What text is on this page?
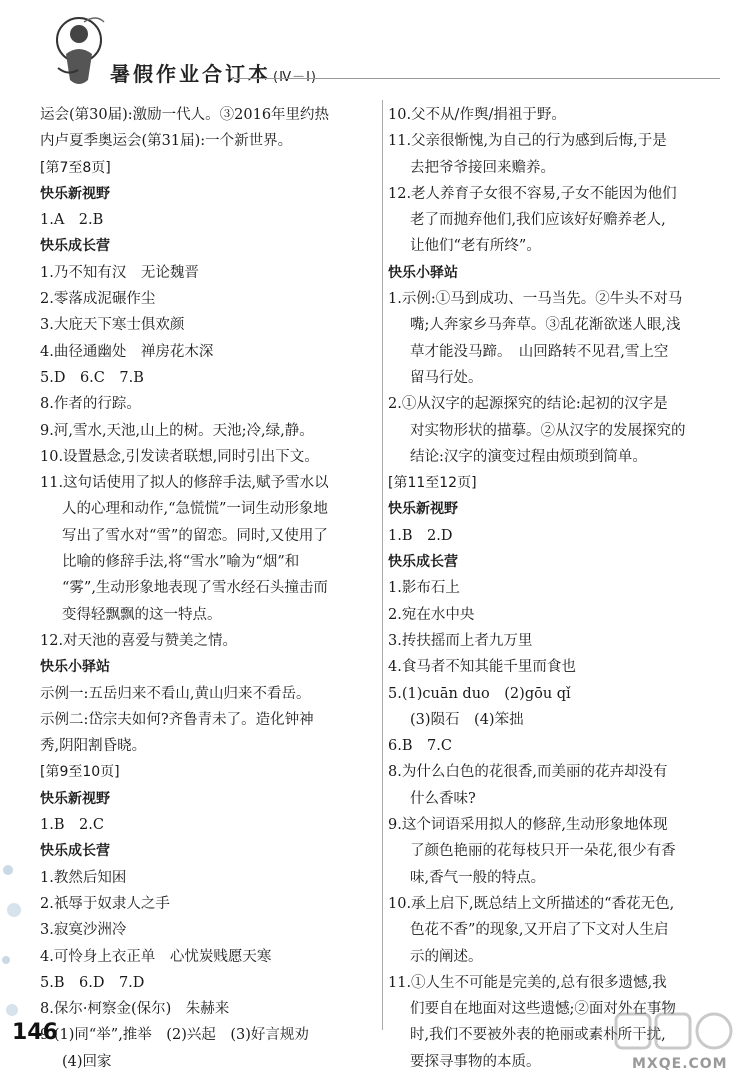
暑假作业合订本 (Ⅳ－Ⅰ)
运会(第30届):激励一代人。③2016年里约热
内卢夏季奥运会(第31届):一个新世界。
[第7至8页]
快乐新视野
1.A　2.B
快乐成长营
1.乃不知有汉　无论魏晋
2.零落成泥碾作尘
3.大庇天下寒士俱欢颜
4.曲径通幽处　禅房花木深
5.D　6.C　7.B
8.作者的行踪。
9.河,雪水,天池,山上的树。天池;冷,绿,静。
10.设置悬念,引发读者联想,同时引出下文。
11.这句话使用了拟人的修辞手法,赋予雪水以
人的心理和动作,“急慌慌”一词生动形象地
写出了雪水对“雪”的留恋。同时,又使用了
比喻的修辞手法,将“雪水”喻为“烟”和
“雾”,生动形象地表现了雪水经石头撞击而
变得轻飘飘的这一特点。
12.对天池的喜爱与赞美之情。
快乐小驿站
示例一:五岳归来不看山,黄山归来不看岳。
示例二:岱宗夫如何?齐鲁青未了。造化钟神
秀,阴阳割昏晓。
[第9至10页]
快乐新视野
1.B　2.C
快乐成长营
1.教然后知困
2.祇辱于奴隶人之手
3.寂寞沙洲冷
4.可怜身上衣正单　心忧炭贱愿天寒
5.B　6.D　7.D
8.保尔·柯察金(保尔)　朱赫来
9.(1)同“举”,推举　(2)兴起　(3)好言规劝
(4)回家
10.父不从/作舆/捐祖于野。
11.父亲很惭愧,为自己的行为感到后悔,于是
去把爷爷接回来赡养。
12.老人养育子女很不容易,子女不能因为他们
老了而抛弃他们,我们应该好好赡养老人,
让他们“老有所终”。
快乐小驿站
1.示例:①马到成功、一马当先。②牛头不对马
嘴;人奔家乡马奔草。③乱花渐欲迷人眼,浅
草才能没马蹄。　山回路转不见君,雪上空
留马行处。
2.①从汉字的起源探究的结论:起初的汉字是
对实物形状的描摹。②从汉字的发展探究的
结论:汉字的演变过程由烦琐到简单。
[第11至12页]
快乐新视野
1.B　2.D
快乐成长营
1.影布石上
2.宛在水中央
3.抟扶摇而上者九万里
4.食马者不知其能千里而食也
5.(1)cuān duo　(2)gōu qǐ
(3)陨石　(4)笨拙
6.B　7.C
8.为什么白色的花很香,而美丽的花卉却没有
什么香味?
9.这个词语采用拟人的修辞,生动形象地体现
了颜色艳丽的花每枝只开一朵花,很少有香
味,香气一般的特点。
10.承上启下,既总结上文所描述的“香花无色,
色花不香”的现象,又开启了下文对人生启
示的阐述。
11.①人生不可能是完美的,总有很多遗憾,我
们要自在地面对这些遗憾;②面对外在事物
时,我们不要被外表的艳丽或素朴所干扰,
要探寻事物的本质。
146
MXQE.COM
